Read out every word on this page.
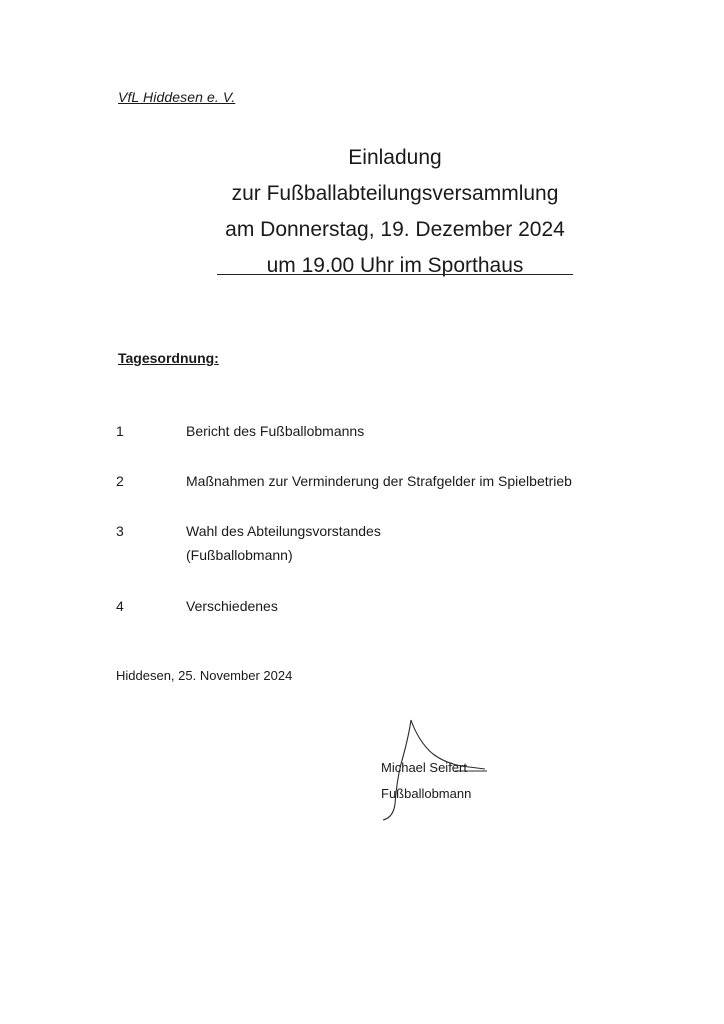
VfL Hiddesen e. V.
Einladung
zur Fußballabteilungsversammlung
am Donnerstag, 19. Dezember 2024
um 19.00 Uhr im Sporthaus
Tagesordnung:
1	Bericht des Fußballobmanns
2	Maßnahmen zur Verminderung der Strafgelder im Spielbetrieb
3	Wahl des Abteilungsvorstandes
(Fußballobmann)
4	Verschiedenes
Hiddesen, 25. November 2024
Michael Seifert
Fußballobmann
